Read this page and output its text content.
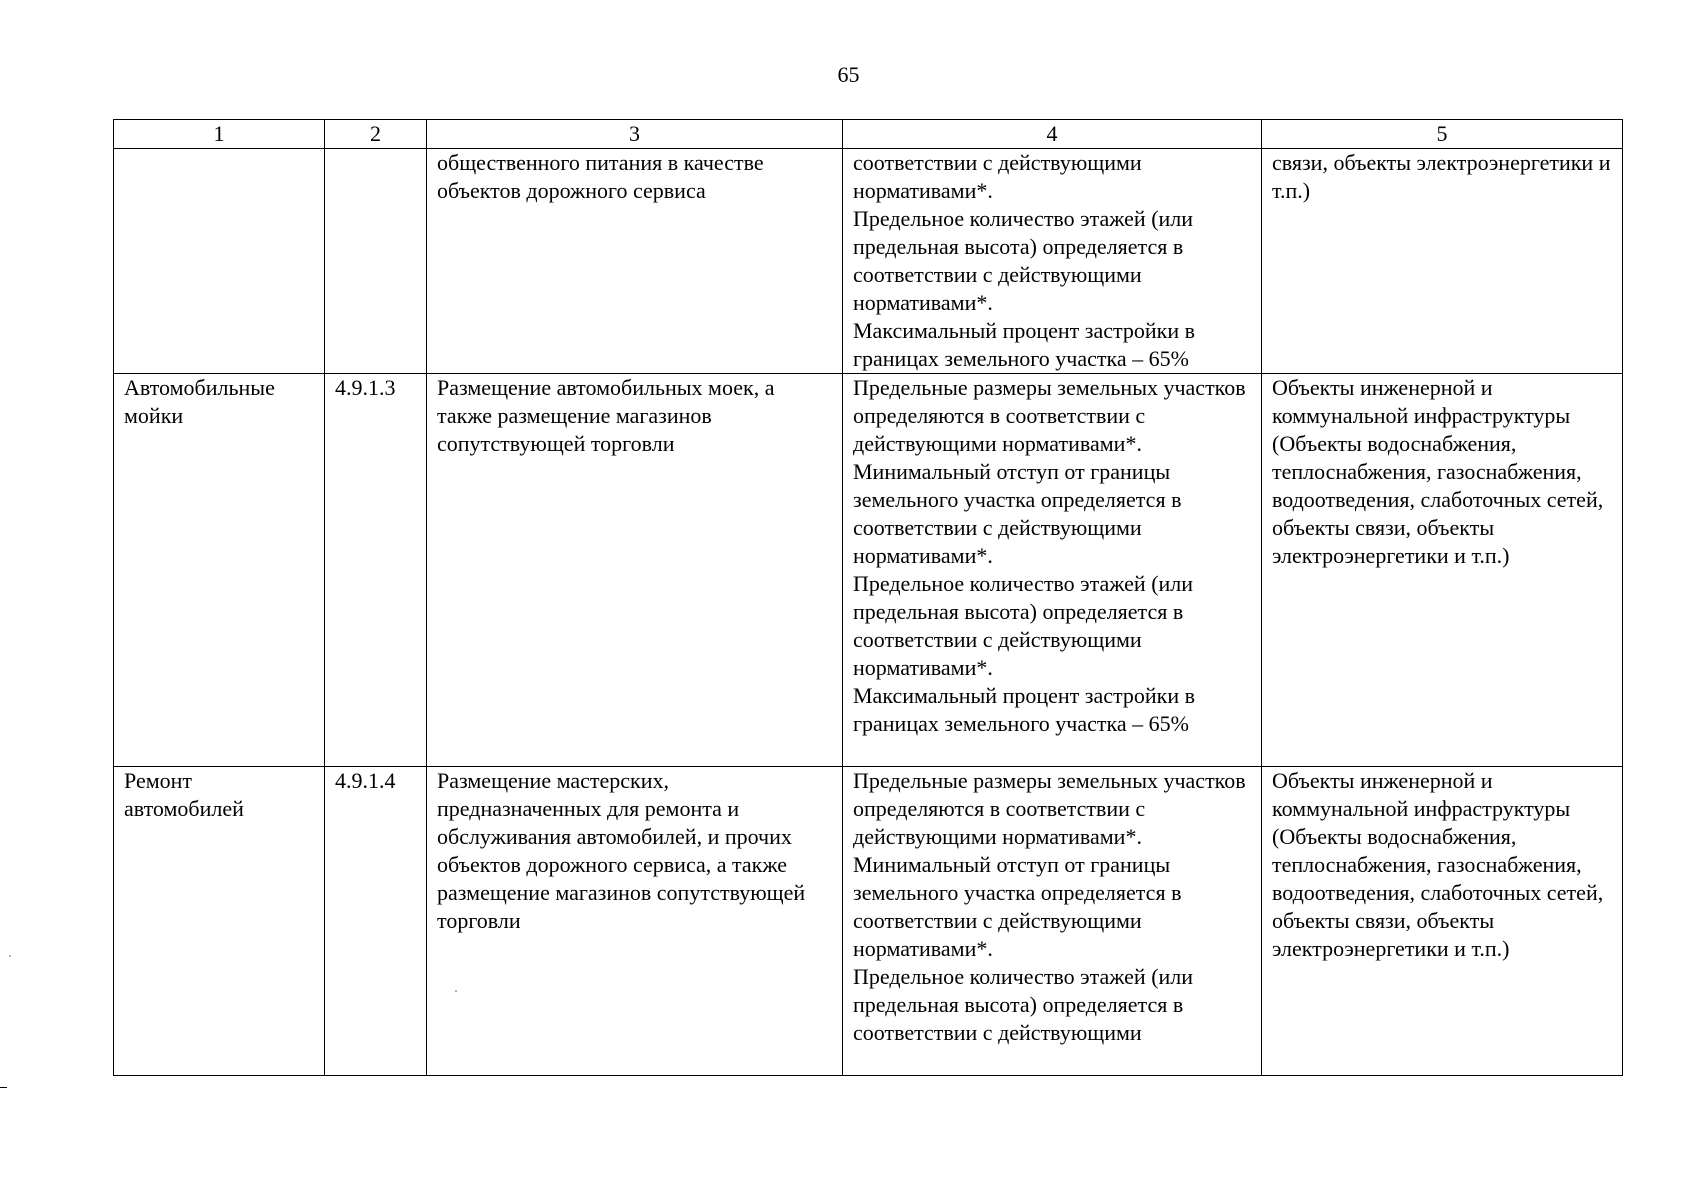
65
1	2	3	4	5
		общественного питания в качестве объектов дорожного сервиса	соответствии с действующими нормативами*.
Предельное количество этажей (или предельная высота) определяется в соответствии с действующими нормативами*.
Максимальный процент застройки в границах земельного участка – 65%	связи, объекты электроэнергетики и т.п.)
Автомобильные мойки	4.9.1.3	Размещение автомобильных моек, а также размещение магазинов сопутствующей торговли	Предельные размеры земельных участков определяются в соответствии с действующими нормативами*.
Минимальный отступ от границы земельного участка определяется в соответствии с действующими нормативами*.
Предельное количество этажей (или предельная высота) определяется в соответствии с действующими нормативами*.
Максимальный процент застройки в границах земельного участка – 65%	Объекты инженерной и коммунальной инфраструктуры (Объекты водоснабжения, теплоснабжения, газоснабжения, водоотведения, слаботочных сетей, объекты связи, объекты электроэнергетики и т.п.)
Ремонт автомобилей	4.9.1.4	Размещение мастерских, предназначенных для ремонта и обслуживания автомобилей, и прочих объектов дорожного сервиса, а также размещение магазинов сопутствующей торговли	Предельные размеры земельных участков определяются в соответствии с действующими нормативами*.
Минимальный отступ от границы земельного участка определяется в соответствии с действующими нормативами*.
Предельное количество этажей (или предельная высота) определяется в соответствии с действующими	Объекты инженерной и коммунальной инфраструктуры (Объекты водоснабжения, теплоснабжения, газоснабжения, водоотведения, слаботочных сетей, объекты связи, объекты электроэнергетики и т.п.)
